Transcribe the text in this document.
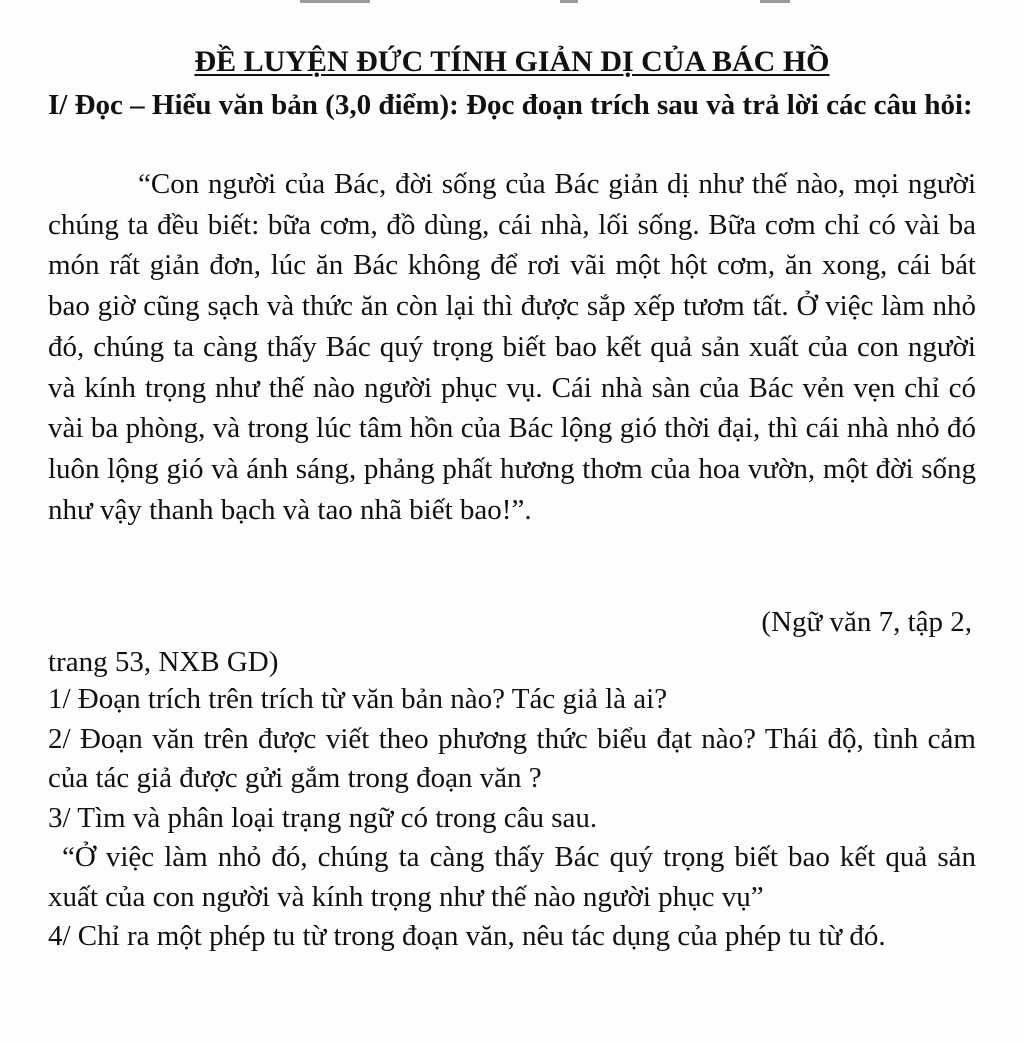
ĐỀ LUYỆN ĐỨC TÍNH GIẢN DỊ CỦA BÁC HỒ
I/ Đọc – Hiểu văn bản (3,0 điểm): Đọc đoạn trích sau và trả lời các câu hỏi:
“Con người của Bác, đời sống của Bác giản dị như thế nào, mọi người chúng ta đều biết: bữa cơm, đồ dùng, cái nhà, lối sống. Bữa cơm chỉ có vài ba món rất giản đơn, lúc ăn Bác không để rơi vãi một hột cơm, ăn xong, cái bát bao giờ cũng sạch và thức ăn còn lại thì được sắp xếp tươm tất. Ở việc làm nhỏ đó, chúng ta càng thấy Bác quý trọng biết bao kết quả sản xuất của con người và kính trọng như thế nào người phục vụ. Cái nhà sàn của Bác vẻn vẹn chỉ có vài ba phòng, và trong lúc tâm hồn của Bác lộng gió thời đại, thì cái nhà nhỏ đó luôn lộng gió và ánh sáng, phảng phất hương thơm của hoa vườn, một đời sống như vậy thanh bạch và tao nhã biết bao!”.
(Ngữ văn 7, tập 2,
trang 53, NXB GD)
1/ Đoạn trích trên trích từ văn bản nào? Tác giả là ai?
2/ Đoạn văn trên được viết theo phương thức biểu đạt nào? Thái độ, tình cảm của tác giả được gửi gắm trong đoạn văn ?
3/ Tìm và phân loại trạng ngữ có trong câu sau.
“Ở việc làm nhỏ đó, chúng ta càng thấy Bác quý trọng biết bao kết quả sản xuất của con người và kính trọng như thế nào người phục vụ”
4/ Chỉ ra một phép tu từ trong đoạn văn, nêu tác dụng của phép tu từ đó.
